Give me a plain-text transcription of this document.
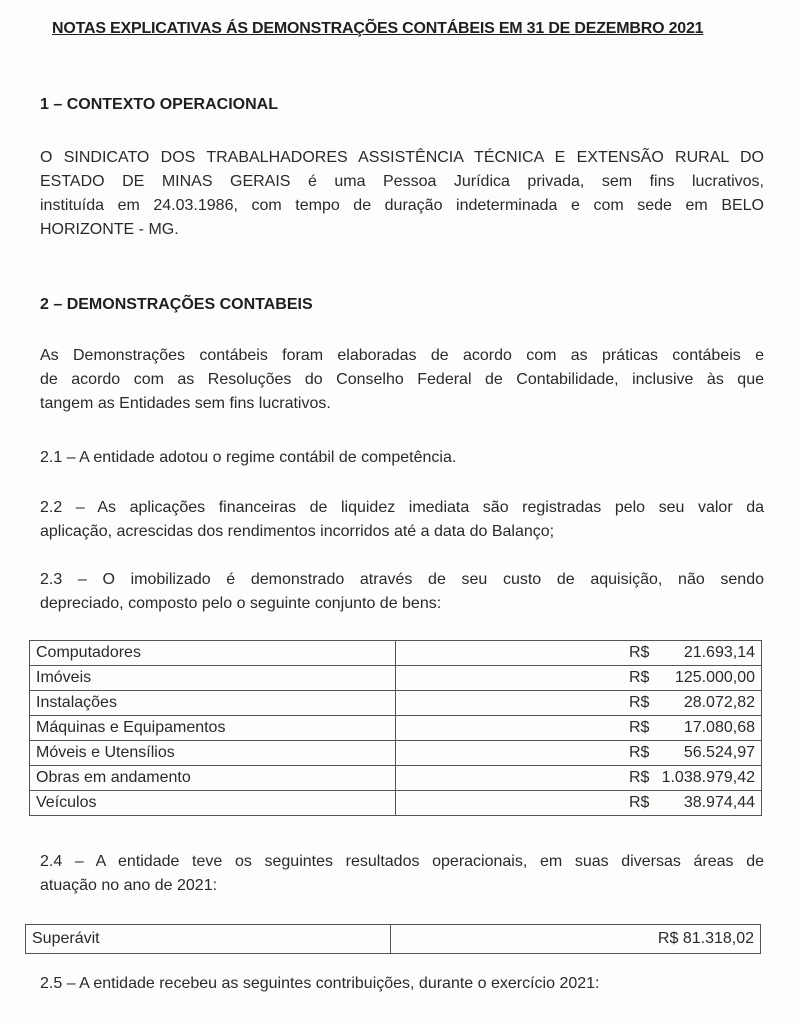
NOTAS EXPLICATIVAS ÁS DEMONSTRAÇÕES CONTÁBEIS EM 31 DE DEZEMBRO 2021
1 – CONTEXTO OPERACIONAL
O SINDICATO DOS TRABALHADORES ASSISTÊNCIA TÉCNICA E EXTENSÃO RURAL DO
ESTADO DE MINAS GERAIS é uma Pessoa Jurídica privada, sem fins lucrativos,
instituída em 24.03.1986, com tempo de duração indeterminada e com sede em BELO
HORIZONTE - MG.
2 – DEMONSTRAÇÕES CONTABEIS
As Demonstrações contábeis foram elaboradas de acordo com as práticas contábeis e
de acordo com as Resoluções do Conselho Federal de Contabilidade, inclusive às que
tangem as Entidades sem fins lucrativos.
2.1 – A entidade adotou o regime contábil de competência.
2.2 – As aplicações financeiras de liquidez imediata são registradas pelo seu valor da
aplicação, acrescidas dos rendimentos incorridos até a data do Balanço;
2.3 – O imobilizado é demonstrado através de seu custo de aquisição, não sendo
depreciado, composto pelo o seguinte conjunto de bens:
Computadores	R$ 21.693,14
Imóveis	R$ 125.000,00
Instalações	R$ 28.072,82
Máquinas e Equipamentos	R$ 17.080,68
Móveis e Utensílios	R$ 56.524,97
Obras em andamento	R$ 1.038.979,42
Veículos	R$ 38.974,44
2.4 – A entidade teve os seguintes resultados operacionais, em suas diversas áreas de
atuação no ano de 2021:
Superávit	R$ 81.318,02
2.5 – A entidade recebeu as seguintes contribuições, durante o exercício 2021:
